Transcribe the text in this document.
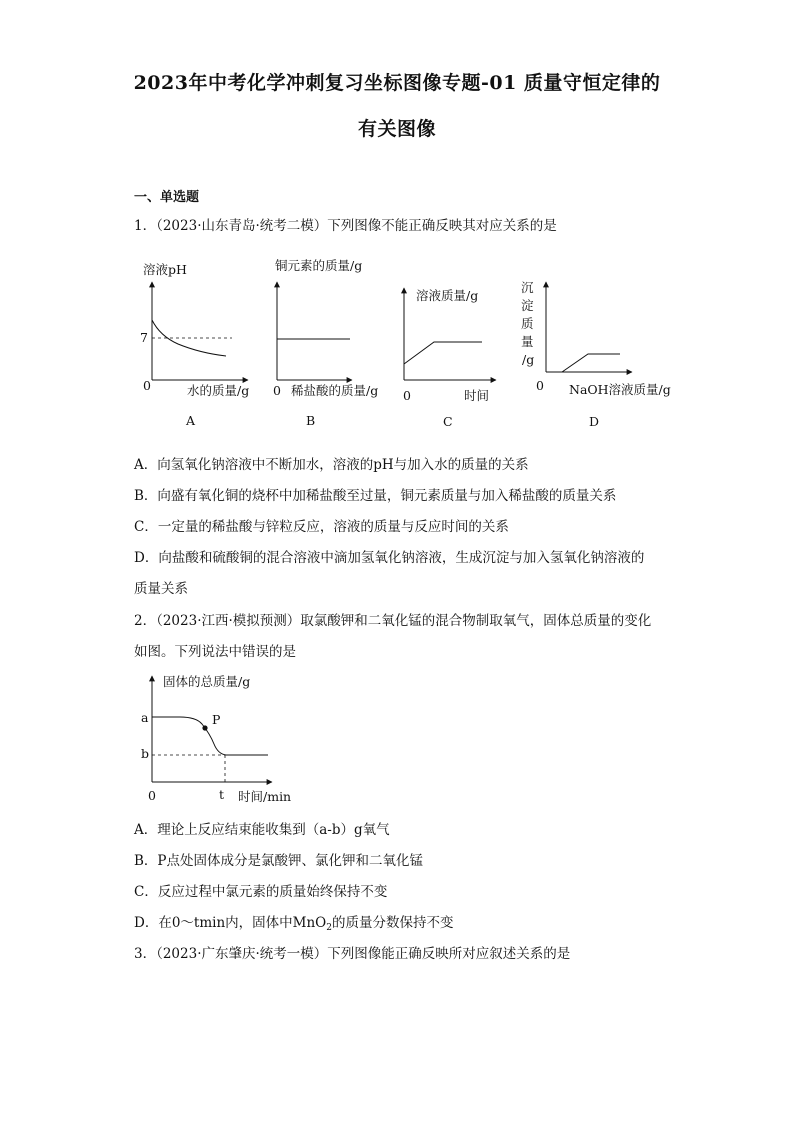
2023年中考化学冲刺复习坐标图像专题-01 质量守恒定律的
有关图像
一、单选题
1．（2023·山东青岛·统考二模）下列图像不能正确反映其对应关系的是
溶液pH
7
0	水的质量/g
A
铜元素的质量/g
0 稀盐酸的质量/g
B
溶液质量/g
0	时间
C
沉
淀
质
量
/g
0 NaOH溶液质量/g
D
A．向氢氧化钠溶液中不断加水，溶液的pH与加入水的质量的关系
B．向盛有氧化铜的烧杯中加稀盐酸至过量，铜元素质量与加入稀盐酸的质量关系
C．一定量的稀盐酸与锌粒反应，溶液的质量与反应时间的关系
D．向盐酸和硫酸铜的混合溶液中滴加氢氧化钠溶液，生成沉淀与加入氢氧化钠溶液的
质量关系
2．（2023·江西·模拟预测）取氯酸钾和二氧化锰的混合物制取氧气，固体总质量的变化
如图。下列说法中错误的是
固体的总质量/g
a	P
b
0	t 时间/min
A．理论上反应结束能收集到（a-b）g氧气
B．P点处固体成分是氯酸钾、氯化钾和二氧化锰
C．反应过程中氯元素的质量始终保持不变
D．在0～tmin内，固体中MnO$_2$的质量分数保持不变
3．（2023·广东肇庆·统考一模）下列图像能正确反映所对应叙述关系的是
